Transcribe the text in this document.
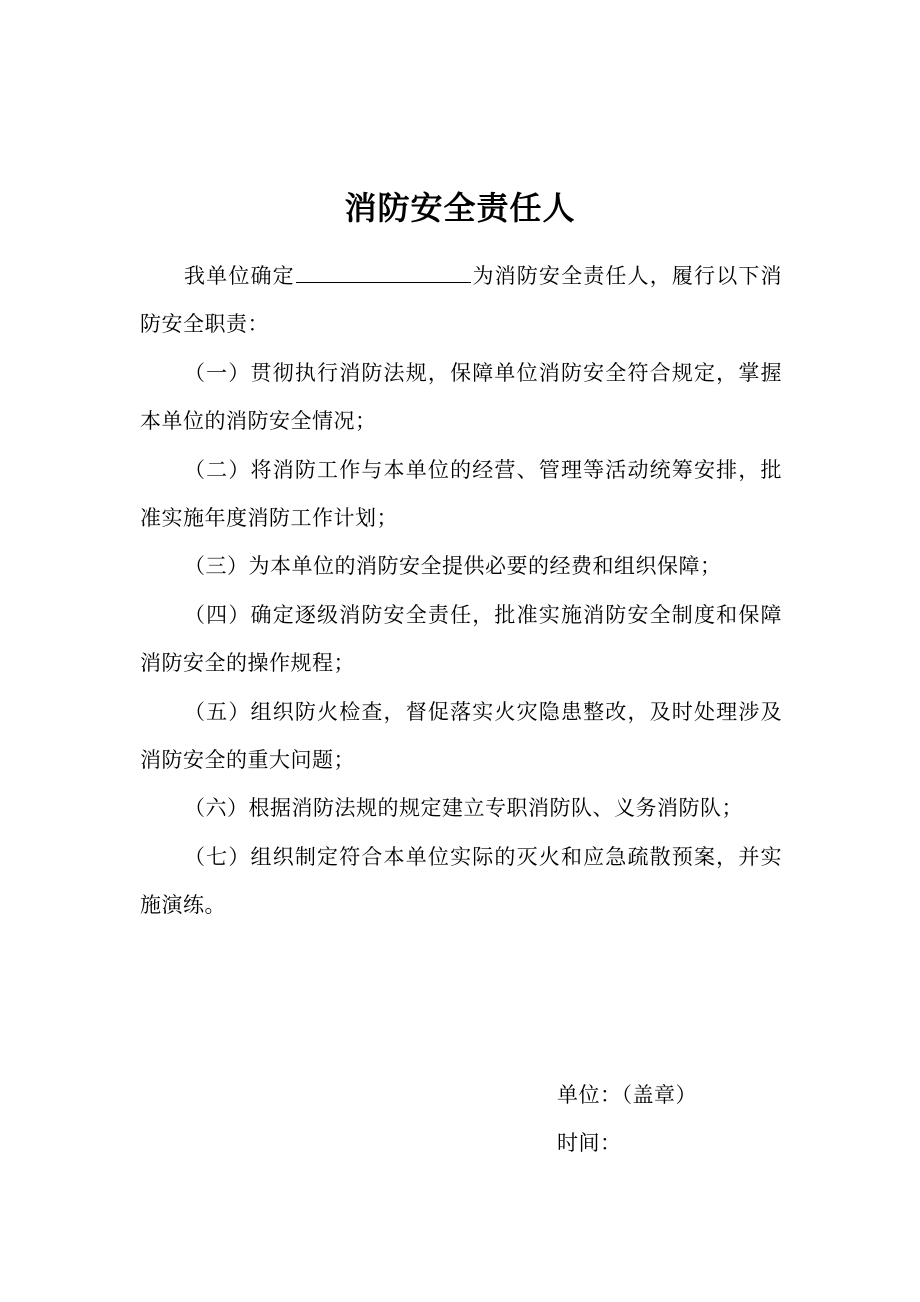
消防安全责任人

我单位确定	为消防安全责任人，履行以下消防安全职责：

（一）贯彻执行消防法规，保障单位消防安全符合规定，掌握本单位的消防安全情况；

（二）将消防工作与本单位的经营、管理等活动统筹安排，批准实施年度消防工作计划；

（三）为本单位的消防安全提供必要的经费和组织保障；

（四）确定逐级消防安全责任，批准实施消防安全制度和保障消防安全的操作规程；

（五）组织防火检查，督促落实火灾隐患整改，及时处理涉及消防安全的重大问题；

（六）根据消防法规的规定建立专职消防队、义务消防队；

（七）组织制定符合本单位实际的灭火和应急疏散预案，并实施演练。

单位：（盖章）
时间：
